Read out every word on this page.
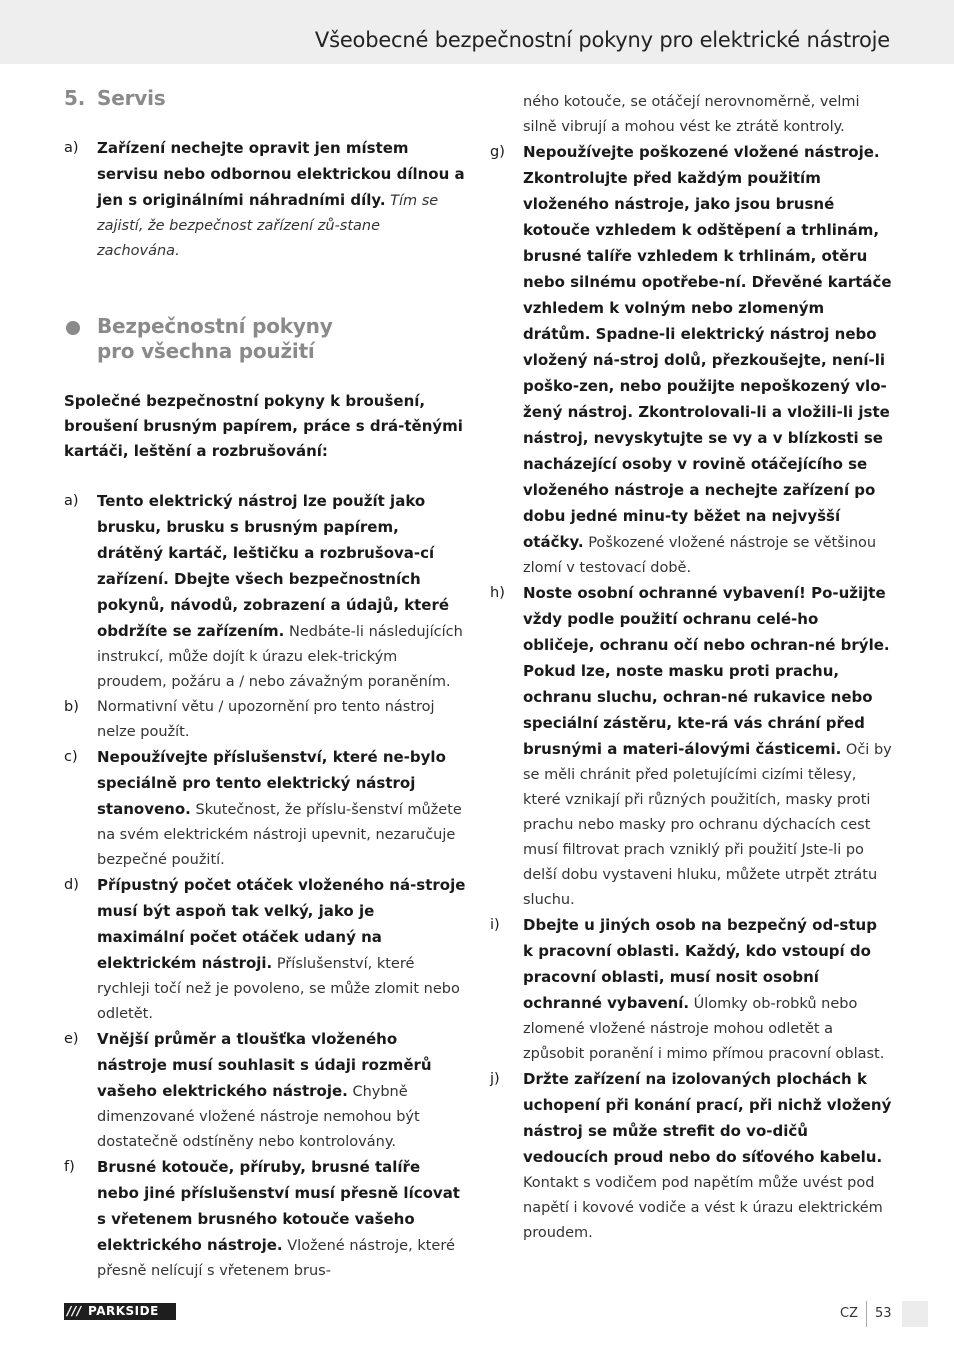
Všeobecné bezpečnostní pokyny pro elektrické nástroje
5. Servis
a) Zařízení nechejte opravit jen místem servisu nebo odbornou elektrickou dílnou a jen s originálními náhradními díly. Tím se zajistí, že bezpečnost zařízení zů-stane zachována.
Bezpečnostní pokyny
pro všechna použití
Společné bezpečnostní pokyny k broušení, broušení brusným papírem, práce s drá-těnými kartáči, leštění a rozbrušování:
a) Tento elektrický nástroj lze použít jako brusku, brusku s brusným papírem, drátěný kartáč, leštičku a rozbrušova-cí zařízení. Dbejte všech bezpečnostních pokynů, návodů, zobrazení a údajů, které obdržíte se zařízením. Nedbáte-li následujících instrukcí, může dojít k úrazu elek-trickým proudem, požáru a / nebo závažným poraněním.
b) Normativní větu / upozornění pro tento nástroj nelze použít.
c) Nepoužívejte příslušenství, které ne-bylo speciálně pro tento elektrický nástroj stanoveno. Skutečnost, že příslu-šenství můžete na svém elektrickém nástroji upevnit, nezaručuje bezpečné použití.
d) Přípustný počet otáček vloženého ná-stroje musí být aspoň tak velký, jako je maximální počet otáček udaný na elektrickém nástroji. Příslušenství, které rychleji točí než je povoleno, se může zlomit nebo odletět.
e) Vnější průměr a tloušťka vloženého nástroje musí souhlasit s údaji rozměrů vašeho elektrického nástroje. Chybně dimenzované vložené nástroje nemohou být dostatečně odstíněny nebo kontrolovány.
f) Brusné kotouče, příruby, brusné talíře nebo jiné příslušenství musí přesně lícovat s vřetenem brusného kotouče vašeho elektrického nástroje. Vložené nástroje, které přesně nelícují s vřetenem brus-
ného kotouče, se otáčejí nerovnoměrně, velmi silně vibrují a mohou vést ke ztrátě kontroly.
g) Nepoužívejte poškozené vložené nástroje. Zkontrolujte před každým použitím vloženého nástroje, jako jsou brusné kotouče vzhledem k odštěpení a trhlinám, brusné talíře vzhledem k trhlinám, otěru nebo silnému opotřebe-ní. Dřevěné kartáče vzhledem k volným nebo zlomeným drátům. Spadne-li elektrický nástroj nebo vložený ná-stroj dolů, přezkoušejte, není-li poško-zen, nebo použijte nepoškozený vlo-žený nástroj. Zkontrolovali-li a vložili-li jste nástroj, nevyskytujte se vy a v blízkosti se nacházející osoby v rovině otáčejícího se vloženého nástroje a nechejte zařízení po dobu jedné minu-ty běžet na nejvyšší otáčky. Poškozené vložené nástroje se většinou zlomí v testovací době.
h) Noste osobní ochranné vybavení! Po-užijte vždy podle použití ochranu celé-ho obličeje, ochranu očí nebo ochran-né brýle. Pokud lze, noste masku proti prachu, ochranu sluchu, ochran-né rukavice nebo speciální zástěru, kte-rá vás chrání před brusnými a materi-álovými částicemi. Oči by se měli chránit před poletujícími cizími tělesy, které vznikají při různých použitích, masky proti prachu nebo masky pro ochranu dýchacích cest musí filtrovat prach vzniklý při použití Jste-li po delší dobu vystaveni hluku, můžete utrpět ztrátu sluchu.
i) Dbejte u jiných osob na bezpečný od-stup k pracovní oblasti. Každý, kdo vstoupí do pracovní oblasti, musí nosit osobní ochranné vybavení. Úlomky ob-robků nebo zlomené vložené nástroje mohou odletět a způsobit poranění i mimo přímou pracovní oblast.
j) Držte zařízení na izolovaných plochách k uchopení při konání prací, při nichž vložený nástroj se může strefit do vo-dičů vedoucích proud nebo do síťového kabelu. Kontakt s vodičem pod napětím může uvést pod napětí i kovové vodiče a vést k úrazu elektrickém proudem.
/// PARKSIDE	CZ 53
